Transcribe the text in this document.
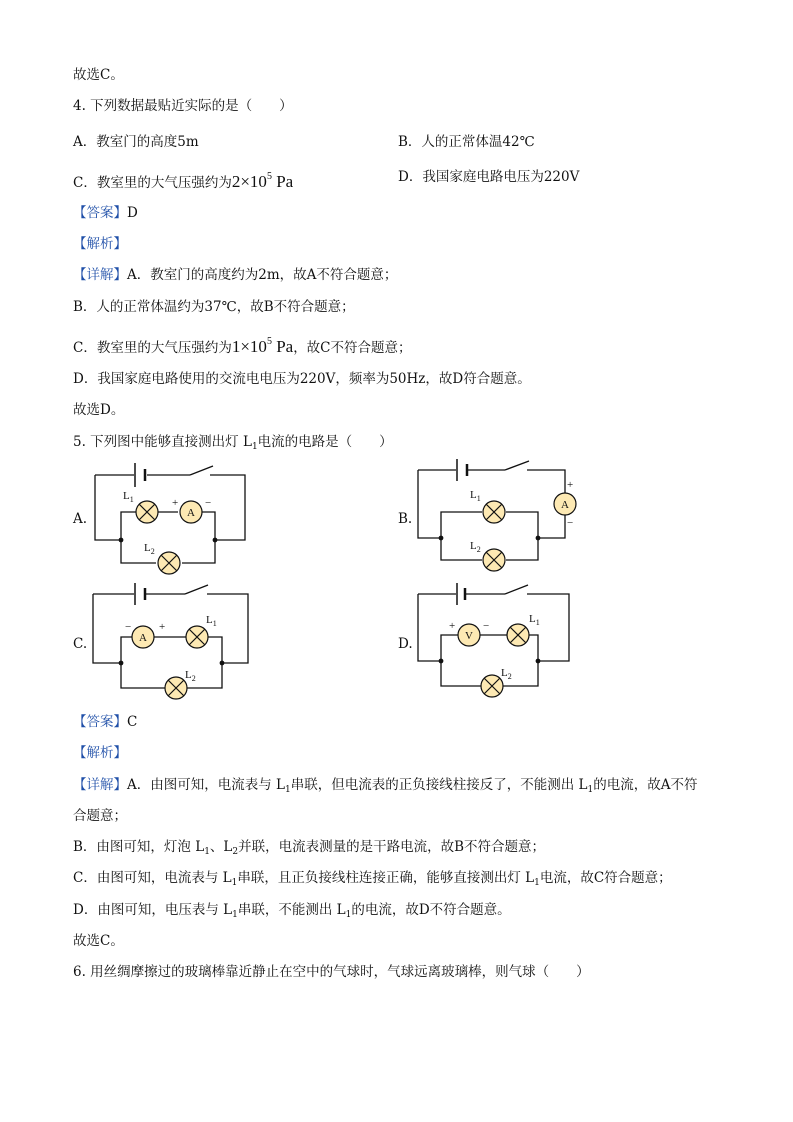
故选C。
4. 下列数据最贴近实际的是（　　）
A．教室门的高度5m	B．人的正常体温42℃
C．教室里的大气压强约为$2\times 10^5$ Pa	D．我国家庭电路电压为220V
【答案】D
【解析】
【详解】A．教室门的高度约为2m，故A不符合题意；
B．人的正常体温约为37℃，故B不符合题意；
C．教室里的大气压强约为$1\times 10^5$ Pa，故C不符合题意；
D．我国家庭电路使用的交流电电压为220V，频率为50Hz，故D符合题意。
故选D。
5. 下列图中能够直接测出灯 $L_1$电流的电路是（　　）
A.	B.
C.	D.
$L_1$
A
+ −
$L_2$
A
+
−
$L_1$
$L_2$
A
−	+
$L_1$
$L_2$
V
+	−
$L_1$
$L_2$
【答案】C
【解析】
【详解】A．由图可知，电流表与 $L_1$串联，但电流表的正负接线柱接反了，不能测出 $L_1$的电流，故A不符
合题意；
B．由图可知，灯泡 $L_1$、$L_2$并联，电流表测量的是干路电流，故B不符合题意；
C．由图可知，电流表与 $L_1$串联，且正负接线柱连接正确，能够直接测出灯 $L_1$电流，故C符合题意；
D．由图可知，电压表与 $L_1$串联，不能测出 $L_1$的电流，故D不符合题意。
故选C。
6. 用丝绸摩擦过的玻璃棒靠近静止在空中的气球时，气球远离玻璃棒，则气球（　　）
